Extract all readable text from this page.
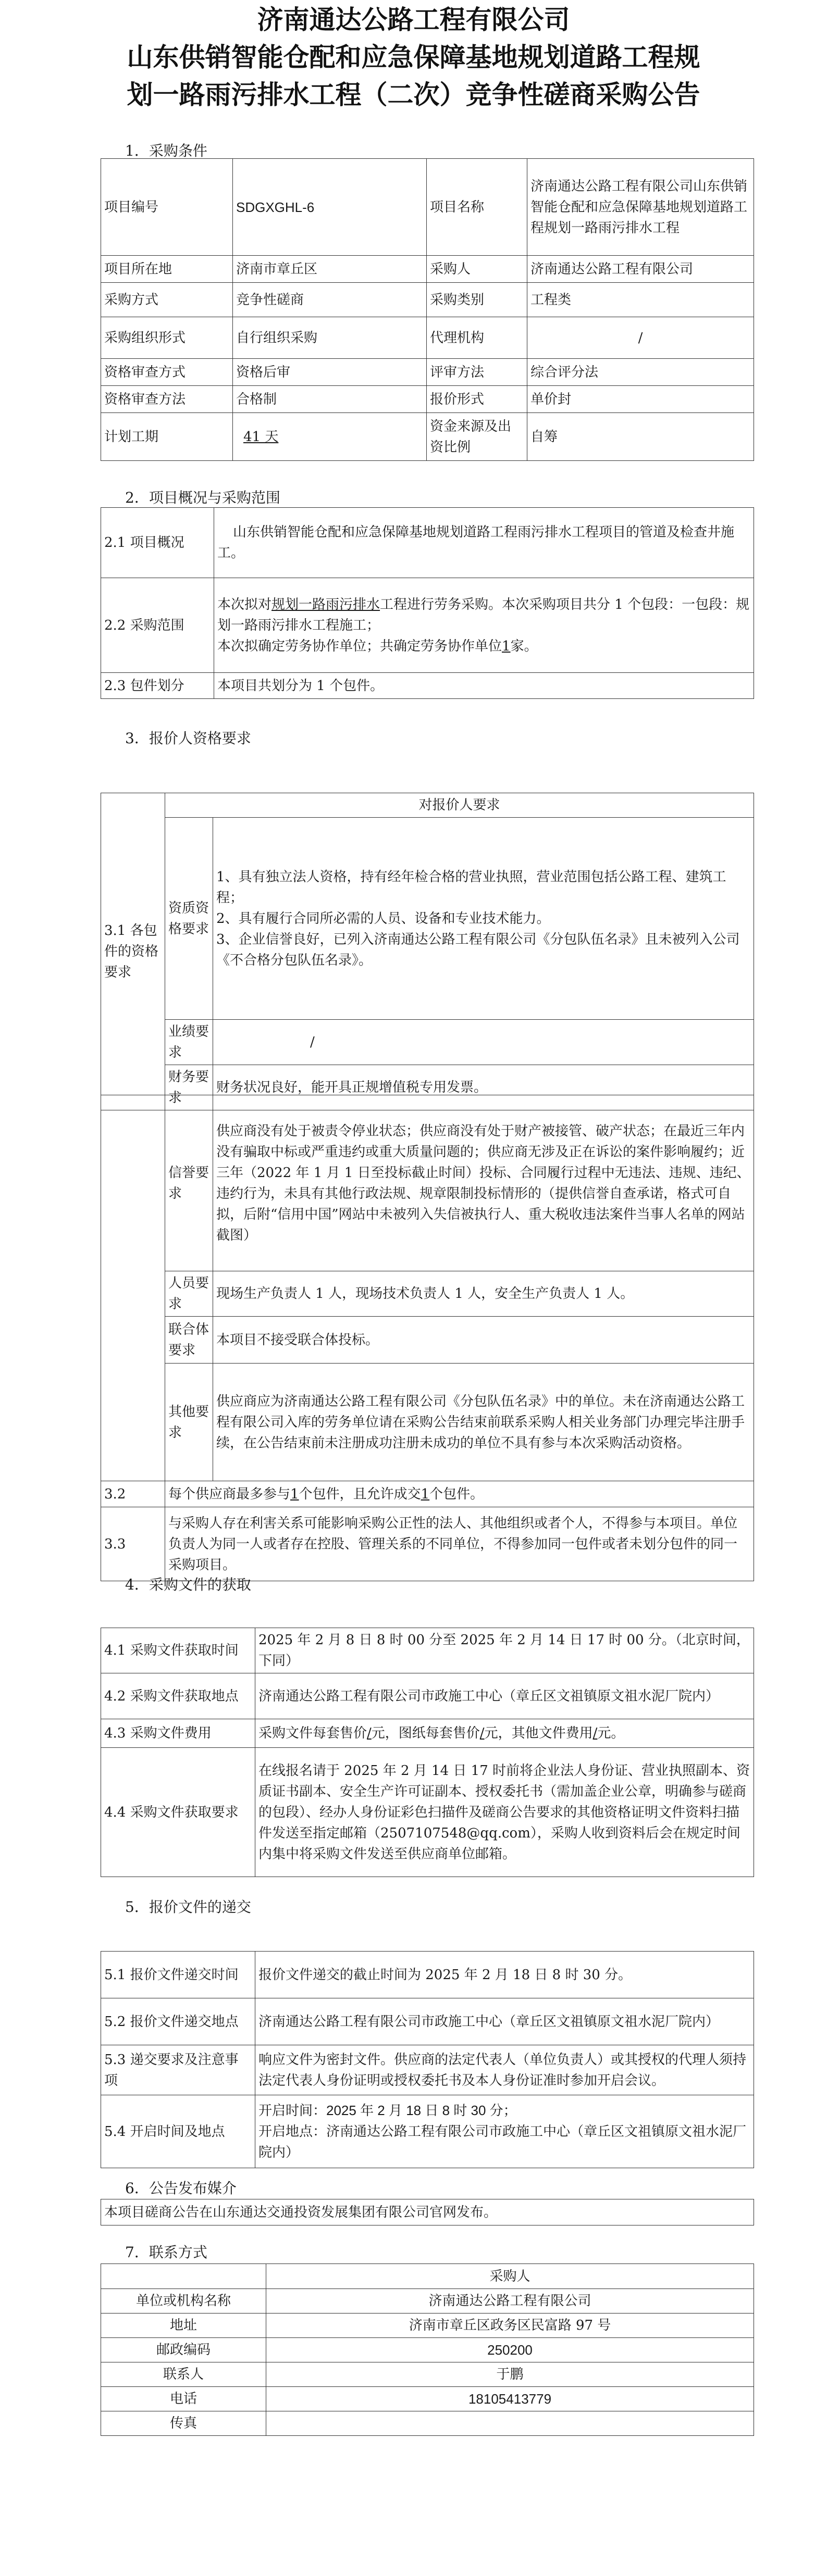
济南通达公路工程有限公司
山东供销智能仓配和应急保障基地规划道路工程规
划一路雨污排水工程（二次）竞争性磋商采购公告
1．采购条件
项目编号	SDGXGHL-6	项目名称	济南通达公路工程有限公司山东供销智能仓配和应急保障基地规划道路工程规划一路雨污排水工程
项目所在地	济南市章丘区	采购人	济南通达公路工程有限公司
采购方式	竞争性磋商	采购类别	工程类
采购组织形式	自行组织采购	代理机构	/
资格审查方式	资格后审	评审方法	综合评分法
资格审查方法	合格制	报价形式	单价封
计划工期	41 天	资金来源及出资比例	自筹
2．项目概况与采购范围
2.1 项目概况	山东供销智能仓配和应急保障基地规划道路工程雨污排水工程项目的管道及检查井施工。
2.2 采购范围	本次拟对规划一路雨污排水工程进行劳务采购。本次采购项目共分 1 个包段：一包段：规划一路雨污排水工程施工；
本次拟确定劳务协作单位；共确定劳务协作单位1家。
2.3 包件划分	本项目共划分为 1 个包件。
3．报价人资格要求
3.1 各包件的资格要求	对报价人要求	
	资质资格要求	1、具有独立法人资格，持有经年检合格的营业执照，营业范围包括公路工程、建筑工程；
2、具有履行合同所必需的人员、设备和专业技术能力。
3、企业信誉良好，已列入济南通达公路工程有限公司《分包队伍名录》且未被列入公司《不合格分包队伍名录》。

	业绩要求	/
	财务要求	财务状况良好，能开具正规增值税专用发票。
	信誉要求	供应商没有处于被责令停业状态；供应商没有处于财产被接管、破产状态；在最近三年内没有骗取中标或严重违约或重大质量问题的；供应商无涉及正在诉讼的案件影响履约；近三年（2022 年 1 月 1 日至投标截止时间）投标、合同履行过程中无违法、违规、违纪、违约行为，未具有其他行政法规、规章限制投标情形的（提供信誉自查承诺，格式可自拟，后附“信用中国”网站中未被列入失信被执行人、重大税收违法案件当事人名单的网站截图）
	人员要求	现场生产负责人 1 人，现场技术负责人 1 人，安全生产负责人 1 人。
	联合体要求	本项目不接受联合体投标。
	其他要求	供应商应为济南通达公路工程有限公司《分包队伍名录》中的单位。未在济南通达公路工程有限公司入库的劳务单位请在采购公告结束前联系采购人相关业务部门办理完毕注册手续，在公告结束前未注册成功注册未成功的单位不具有参与本次采购活动资格。
3.2	每个供应商最多参与1个包件，且允许成交1个包件。	
3.3	与采购人存在利害关系可能影响采购公正性的法人、其他组织或者个人，不得参与本项目。单位负责人为同一人或者存在控股、管理关系的不同单位，不得参加同一包件或者未划分包件的同一采购项目。	
4．采购文件的获取
4.1 采购文件获取时间	2025 年 2 月 8 日 8 时 00 分至 2025 年 2 月 14 日 17 时 00 分。（北京时间，下同）
4.2 采购文件获取地点	济南通达公路工程有限公司市政施工中心（章丘区文祖镇原文祖水泥厂院内）
4.3 采购文件费用	采购文件每套售价/元，图纸每套售价/元，其他文件费用/元。
4.4 采购文件获取要求	在线报名请于 2025 年 2 月 14 日 17 时前将企业法人身份证、营业执照副本、资质证书副本、安全生产许可证副本、授权委托书（需加盖企业公章，明确参与磋商的包段）、经办人身份证彩色扫描件及磋商公告要求的其他资格证明文件资料扫描件发送至指定邮箱（2507107548@qq.com），采购人收到资料后会在规定时间内集中将采购文件发送至供应商单位邮箱。
5．报价文件的递交
5.1 报价文件递交时间	报价文件递交的截止时间为 2025 年 2 月 18 日 8 时 30 分。
5.2 报价文件递交地点	济南通达公路工程有限公司市政施工中心（章丘区文祖镇原文祖水泥厂院内）
5.3 递交要求及注意事项	响应文件为密封文件。供应商的法定代表人（单位负责人）或其授权的代理人须持法定代表人身份证明或授权委托书及本人身份证准时参加开启会议。
5.4 开启时间及地点	开启时间：2025 年 2 月 18 日 8 时 30 分；
开启地点：济南通达公路工程有限公司市政施工中心（章丘区文祖镇原文祖水泥厂院内）
6．公告发布媒介
本项目磋商公告在山东通达交通投资发展集团有限公司官网发布。
7．联系方式
	采购人
单位或机构名称	济南通达公路工程有限公司
地址	济南市章丘区政务区民富路 97 号
邮政编码	250200
联系人	于鹏
电话	18105413779
传真	
